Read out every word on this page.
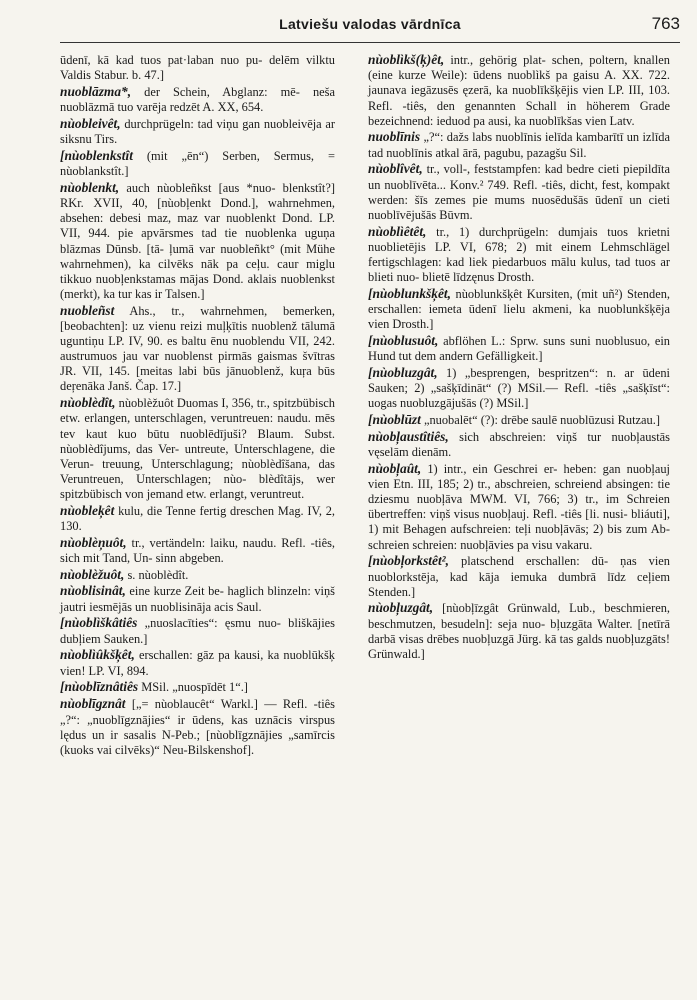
Latviešu valodas vārdnīca	763

ūdenī, kā kad tuos pat·laban nuo pu- delēm vilktu Valdis Stabur. b. 47.]

nuoblāzma*, der Schein, Abglanz: mē- neša nuoblāzmā tuo varēja redzēt A. XX, 654.

nùobleivêt, durchprügeln: tad viņu gan nuobleivēja ar siksnu Tirs.

[nùoblenkstît (mit „ēn“) Serben, Sermus, = nùoblankstît.]

nùoblenkt, auch nùobleñkst [aus *nuo- blenkstît?] RKr. XVII, 40, [nùobļenkt Dond.], wahrnehmen, absehen: debesi maz, maz var nuoblenkt Dond. LP. VII, 944. pie apvārsmes tad tie nuoblenka uguņa blāzmas Dūnsb. [tā- ļumā var nuobleñkt° (mit Mühe wahrnehmen), ka cilvēks nāk pa ceļu. caur miglu tikkuo nuobļenkstamas mājas Dond. aklais nuoblenkst (merkt), ka tur kas ir Talsen.]

nuobleñst Ahs., tr., wahrnehmen, bemerken, [beobachten]: uz vienu reizi muļķītis nuoblenž tālumā uguntiņu LP. IV, 90. es baltu ēnu nuoblendu VII, 242. austrumuos jau var nuoblenst pirmās gaismas švītras JR. VII, 145. [meitas labi būs jānuoblenž, kuŗa būs deŗenāka Janš. Čap. 17.]

nùoblèdît, nùoblèžuôt Duomas I, 356, tr., spitzbübisch etw. erlangen, unterschlagen, veruntreuen: naudu. mēs tev kaut kuo būtu nuoblēdījuši? Blaum. Subst. nùoblèdîjums, das Ver- untreute, Unterschlagene, die Verun- treuung, Unterschlagung; nùoblèdîšana, das Veruntreuen, Unterschlagen; nùo- blèdîtājs, wer spitzbübisch von jemand etw. erlangt, veruntreut.

nùobleķêt kulu, die Tenne fertig dreschen Mag. IV, 2, 130.

nùoblèņuôt, tr., vertändeln: laiku, naudu. Refl. -tiês, sich mit Tand, Un- sinn abgeben.

nùoblèžuôt, s. nùoblèdît.

nùoblisinât, eine kurze Zeit be- haglich blinzeln: viņš jautri iesmējās un nuoblisināja acis Saul.

[nùoblìškâtiês „nuoslacīties“: ęsmu nuo- bliškājies dubļiem Sauken.]

nùoblìûkšķêt, erschallen: gāz pa kausi, ka nuoblūkšķ vien! LP. VI, 894.

[nùoblīznâtiês MSil. „nuospīdēt 1“.]

nùoblīgznât [„= nùoblaucêt“ Warkl.] — Refl. -tiês „?“: „nuoblīgznājies“ ir ūdens, kas uznācis virspus lędus un ir sasalis N-Peb.; [nùoblīgznājies „samīrcis (kuoks vai cilvēks)“ Neu-Bilskenshof].

nùoblìkš(ķ)êt, intr., gehörig plat- schen, poltern, knallen (eine kurze Weile): ūdens nuoblìkš pa gaisu A. XX. 722. jaunava iegāzusēs ęzerā, ka nuoblīkšķējis vien LP. III, 103. Refl. -tiês, den genannten Schall in höherem Grade bezeichnend: ieduod pa ausi, ka nuoblīkšas vien Latv.

nuoblīnis „?“: dažs labs nuoblīnis ielīda kambarītī un izlīda tad nuoblīnis atkal ārā, pagubu, pazagšu Sil.

nùoblîvêt, tr., voll-, feststampfen: kad bedre cieti piepildīta un nuoblīvēta... Konv.² 749. Refl. -tiês, dicht, fest, kompakt werden: šīs zemes pie mums nuosēdušās ūdenī un cieti nuoblīvējušās Būvm.

nùoblìêtêt, tr., 1) durchprügeln: dumjais tuos krietni nuoblietējis LP. VI, 678; 2) mit einem Lehmschlägel fertigschlagen: kad liek piedarbuos mālu kulus, tad tuos ar blieti nuo- blietē līdzęnus Drosth.

[nùoblunkšķêt, nùoblunkšķêt Kursiten, (mit uñ²) Stenden, erschallen: iemeta ūdenī lielu akmeni, ka nuoblunkšķēja vien Drosth.]

[nùoblusuôt, abflöhen L.: Sprw. suns suni nuoblusuo, ein Hund tut dem andern Gefälligkeit.]

[nùobluzgât, 1) „besprengen, bespritzen“: n. ar ūdeni Sauken; 2) „sašķīdināt“ (?) MSil.— Refl. -tiês „sašķīst“: uogas nuobluzgājušās (?) MSil.]

[nùoblūzt „nuobalēt“ (?): drēbe saulē nuoblūzusi Rutzau.]

nùobļaustîtiês, sich abschreien: viņš tur nuobļaustās vęselām dienām.

nùobļaût, 1) intr., ein Geschrei er- heben: gan nuobļauj vien Etn. III, 185; 2) tr., abschreien, schreiend absingen: tie dziesmu nuobļāva MWM. VI, 766; 3) tr., im Schreien übertreffen: viņš visus nuobļauj. Refl. -tiês [li. nusi- bliáuti], 1) mit Behagen aufschreien: teļi nuobļāvās; 2) bis zum Ab- schreien schreien: nuobļāvies pa visu vakaru.

[nùobļorkstêt², platschend erschallen: dū- ņas vien nuoblorkstēja, kad kāja iemuka dumbrā līdz ceļiem Stenden.]

nùobļuzgât, [nùobļīzgât Grünwald, Lub., beschmieren, beschmutzen, besudeln]: seja nuo- bļuzgāta Walter. [netīrā darbā visas drēbes nuobļuzgā Jürg. kā tas galds nuobļuzgāts! Grünwald.]
